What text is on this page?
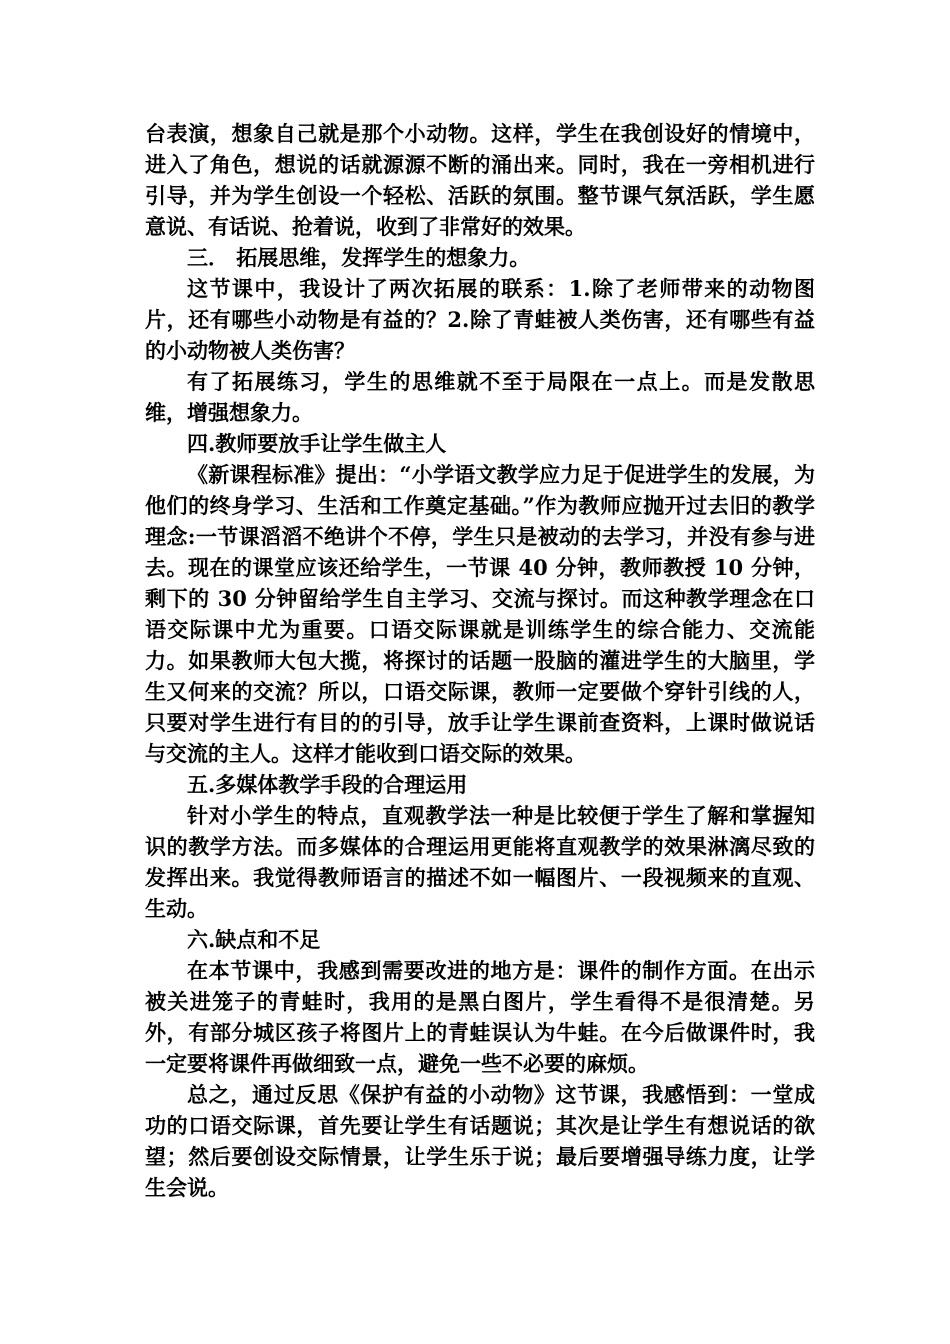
台表演，想象自己就是那个小动物。这样，学生在我创设好的情境中，进入了角色，想说的话就源源不断的涌出来。同时，我在一旁相机进行引导，并为学生创设一个轻松、活跃的氛围。整节课气氛活跃，学生愿意说、有话说、抢着说，收到了非常好的效果。

三． 拓展思维，发挥学生的想象力。

这节课中，我设计了两次拓展的联系：1.除了老师带来的动物图片，还有哪些小动物是有益的？2.除了青蛙被人类伤害，还有哪些有益的小动物被人类伤害？

有了拓展练习，学生的思维就不至于局限在一点上。而是发散思维，增强想象力。

四.教师要放手让学生做主人

《新课程标准》提出：“小学语文教学应力足于促进学生的发展，为他们的终身学习、生活和工作奠定基础。”作为教师应抛开过去旧的教学理念:一节课滔滔不绝讲个不停，学生只是被动的去学习，并没有参与进去。现在的课堂应该还给学生，一节课 40 分钟，教师教授 10 分钟，剩下的 30 分钟留给学生自主学习、交流与探讨。而这种教学理念在口语交际课中尤为重要。口语交际课就是训练学生的综合能力、交流能力。如果教师大包大揽，将探讨的话题一股脑的灌进学生的大脑里，学生又何来的交流？所以，口语交际课，教师一定要做个穿针引线的人，只要对学生进行有目的的引导，放手让学生课前查资料，上课时做说话与交流的主人。这样才能收到口语交际的效果。

五.多媒体教学手段的合理运用

针对小学生的特点，直观教学法一种是比较便于学生了解和掌握知识的教学方法。而多媒体的合理运用更能将直观教学的效果淋漓尽致的发挥出来。我觉得教师语言的描述不如一幅图片、一段视频来的直观、生动。

六.缺点和不足

在本节课中，我感到需要改进的地方是：课件的制作方面。在出示被关进笼子的青蛙时，我用的是黑白图片，学生看得不是很清楚。另外，有部分城区孩子将图片上的青蛙误认为牛蛙。在今后做课件时，我一定要将课件再做细致一点，避免一些不必要的麻烦。

总之，通过反思《保护有益的小动物》这节课，我感悟到：一堂成功的口语交际课，首先要让学生有话题说；其次是让学生有想说话的欲望；然后要创设交际情景，让学生乐于说；最后要增强导练力度，让学生会说。
